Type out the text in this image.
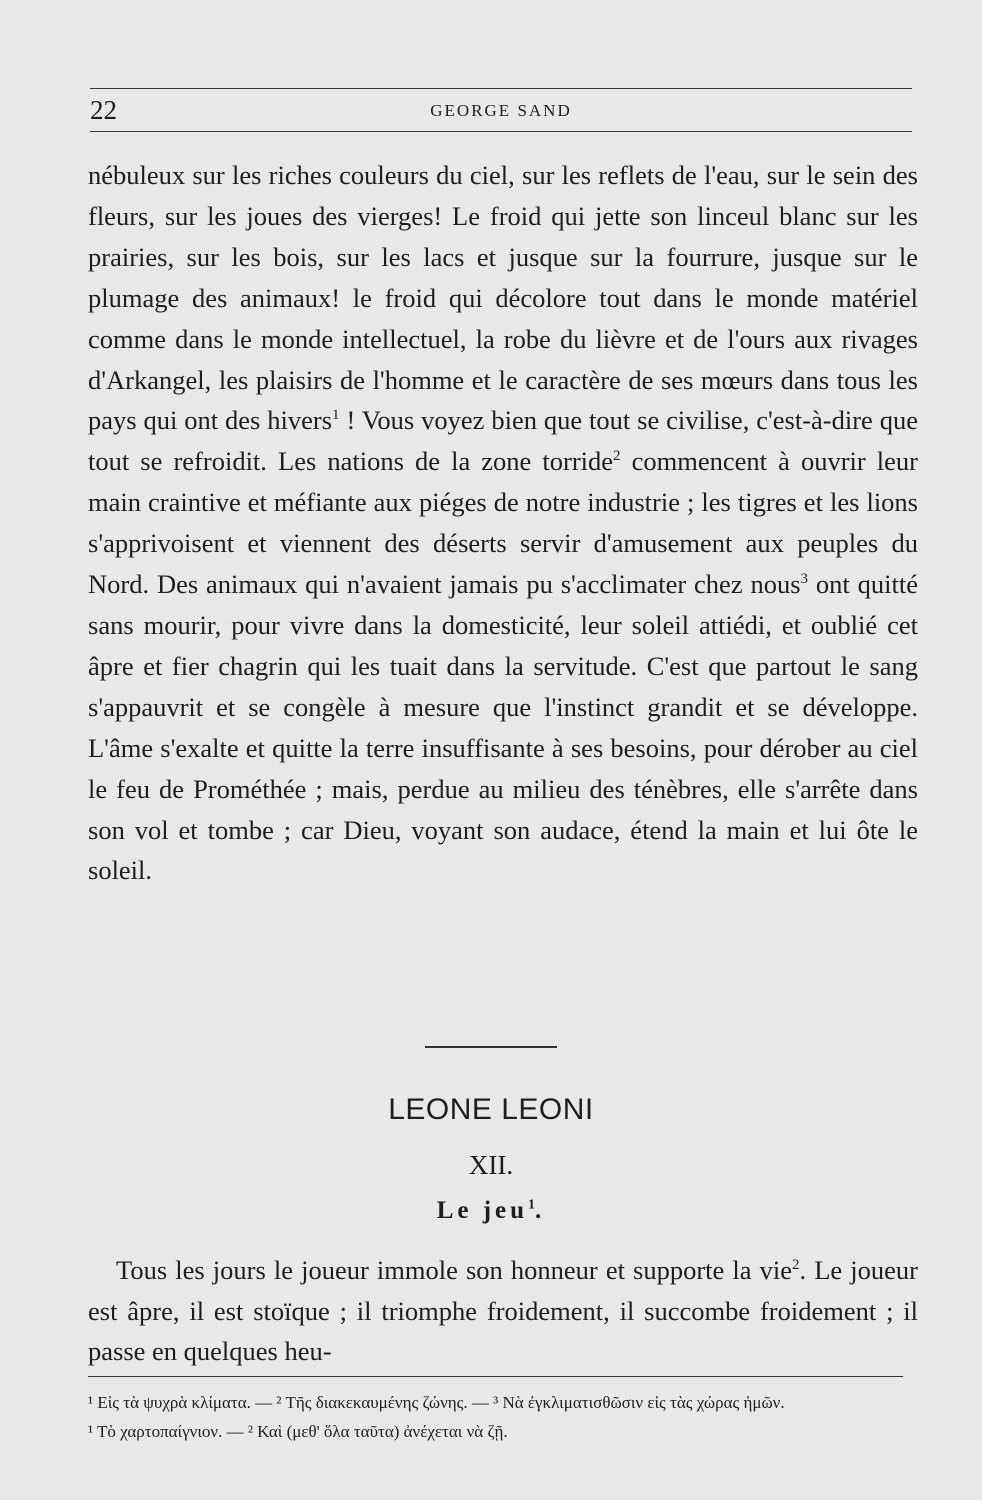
22	GEORGE SAND

nébuleux sur les riches couleurs du ciel, sur les reflets de l'eau, sur le sein des fleurs, sur les joues des vierges! Le froid qui jette son linceul blanc sur les prairies, sur les bois, sur les lacs et jusque sur la fourrure, jusque sur le plumage des animaux! le froid qui décolore tout dans le monde matériel comme dans le monde intellectuel, la robe du lièvre et de l'ours aux rivages d'Arkangel, les plaisirs de l'homme et le caractère de ses mœurs dans tous les pays qui ont des hivers$^1$ ! Vous voyez bien que tout se civilise, c'est-à-dire que tout se refroidit. Les nations de la zone torride$^2$ commencent à ouvrir leur main craintive et méfiante aux piéges de notre industrie ; les tigres et les lions s'apprivoisent et viennent des déserts servir d'amusement aux peuples du Nord. Des animaux qui n'avaient jamais pu s'acclimater chez nous$^3$ ont quitté sans mourir, pour vivre dans la domesticité, leur soleil attiédi, et oublié cet âpre et fier chagrin qui les tuait dans la servitude. C'est que partout le sang s'appauvrit et se congèle à mesure que l'instinct grandit et se développe. L'âme s'exalte et quitte la terre insuffisante à ses besoins, pour dérober au ciel le feu de Prométhée ; mais, perdue au milieu des ténèbres, elle s'arrête dans son vol et tombe ; car Dieu, voyant son audace, étend la main et lui ôte le soleil.

LEONE LEONI
XII.
Le jeu$^1$.

Tous les jours le joueur immole son honneur et supporte la vie$^2$. Le joueur est âpre, il est stoïque ; il triomphe froidement, il succombe froidement ; il passe en quelques heu-

¹ Εἰς τὰ ψυχρὰ κλίματα. — ² Τῆς διακεκαυμένης ζώνης. — ³ Νὰ ἐγκλιματισθῶσιν εἰς τὰς χώρας ἡμῶν.

¹ Τὸ χαρτοπαίγνιον. — ² Καὶ (μεθ' ὅλα ταῦτα) ἀνέχεται νὰ ζῇ.
